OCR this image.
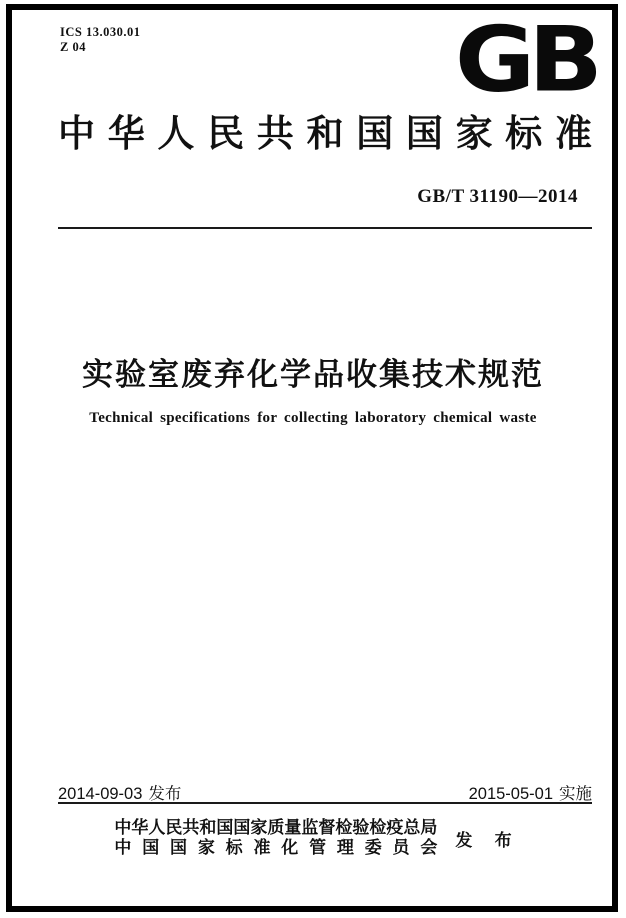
ICS 13.030.01
Z 04	GB
中华人民共和国国家标准
GB/T 31190—2014
实验室废弃化学品收集技术规范
Technical specifications for collecting laboratory chemical waste
2014-09-03 发布	2015-05-01 实施
中华人民共和国国家质量监督检验检疫总局
中国国家标准化管理委员会 发 布
